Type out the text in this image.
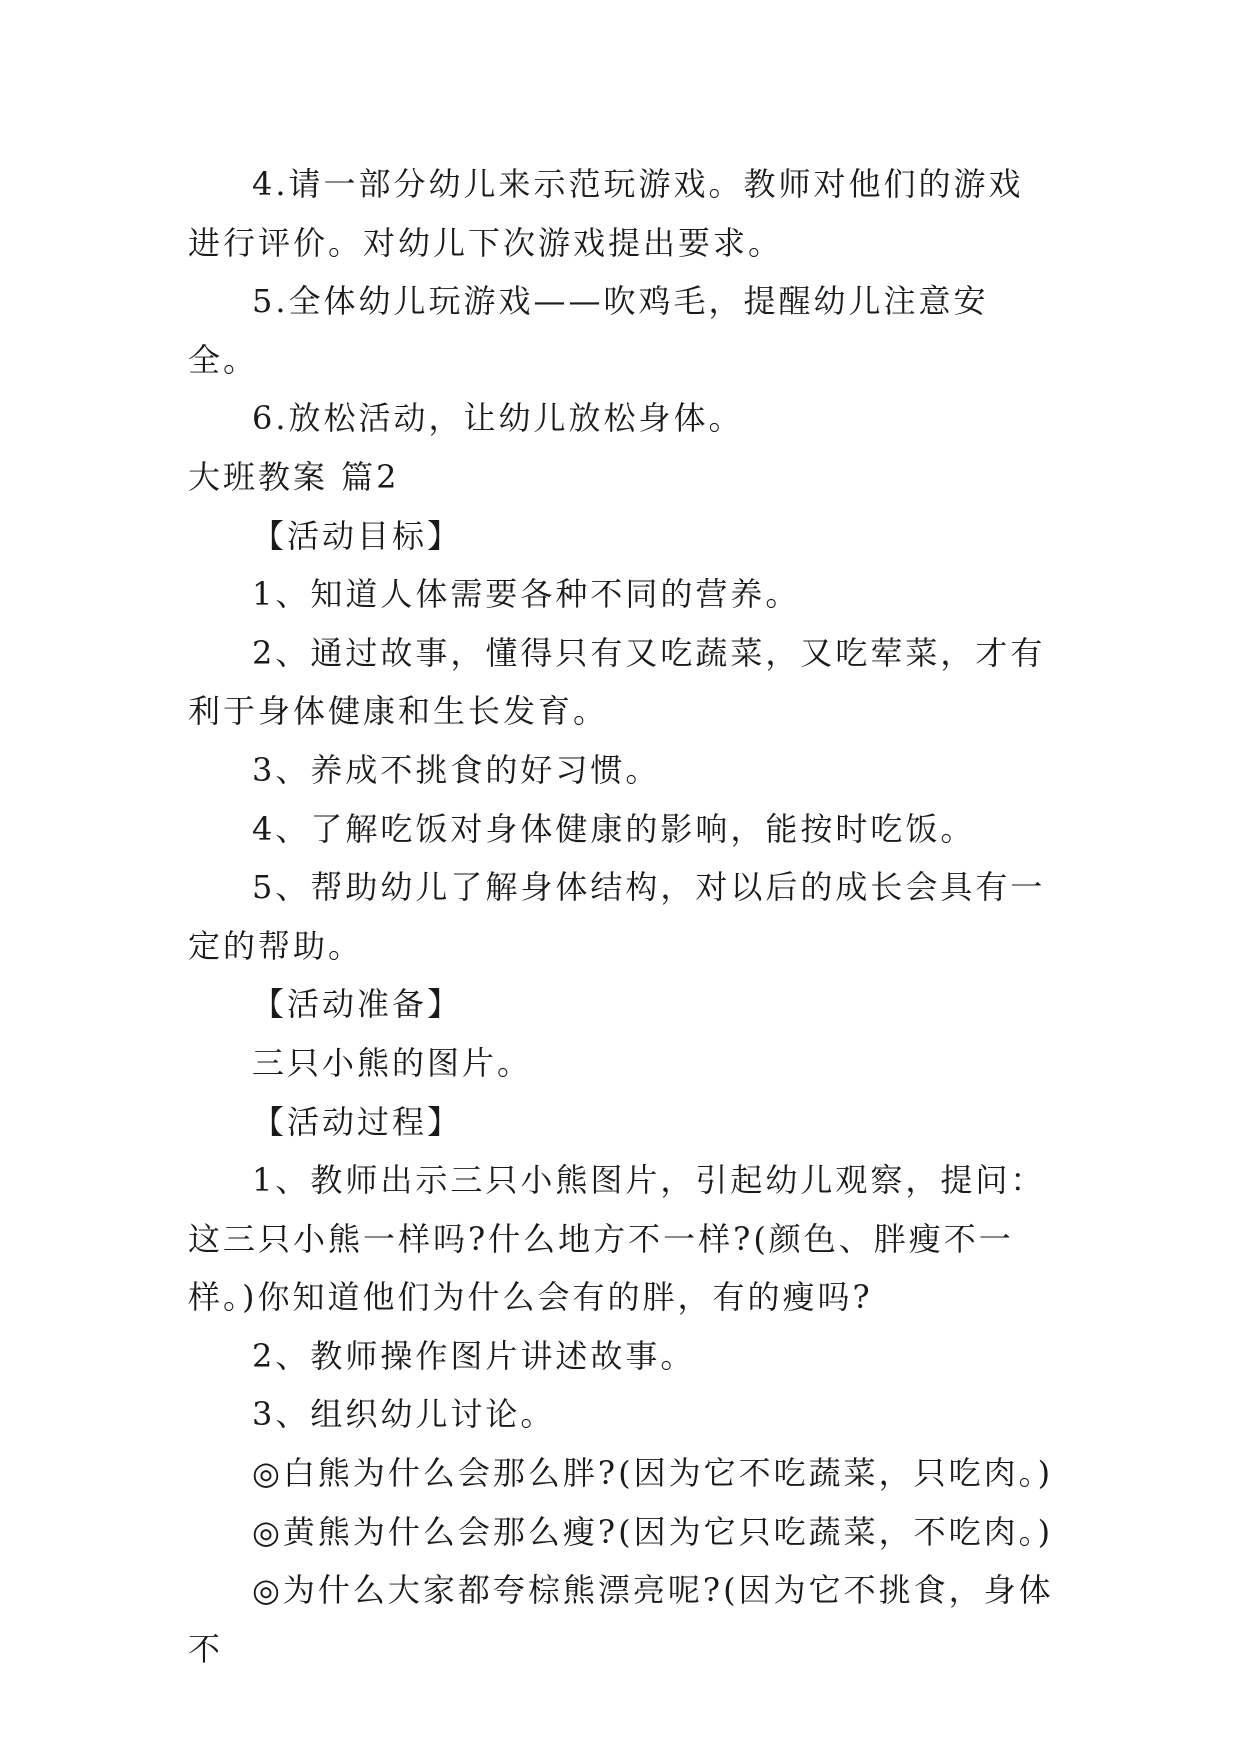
4.请一部分幼儿来示范玩游戏。教师对他们的游戏进行评价。对幼儿下次游戏提出要求。

5.全体幼儿玩游戏——吹鸡毛，提醒幼儿注意安全。

6.放松活动，让幼儿放松身体。

大班教案 篇2

【活动目标】

1、知道人体需要各种不同的营养。

2、通过故事，懂得只有又吃蔬菜，又吃荤菜，才有利于身体健康和生长发育。

3、养成不挑食的好习惯。

4、了解吃饭对身体健康的影响，能按时吃饭。

5、帮助幼儿了解身体结构，对以后的成长会具有一定的帮助。

【活动准备】

三只小熊的图片。

【活动过程】

1、教师出示三只小熊图片，引起幼儿观察，提问：这三只小熊一样吗?什么地方不一样?(颜色、胖瘦不一样。)你知道他们为什么会有的胖，有的瘦吗?

2、教师操作图片讲述故事。

3、组织幼儿讨论。

◎白熊为什么会那么胖?(因为它不吃蔬菜，只吃肉。)

◎黄熊为什么会那么瘦?(因为它只吃蔬菜，不吃肉。)

◎为什么大家都夸棕熊漂亮呢?(因为它不挑食，身体不
